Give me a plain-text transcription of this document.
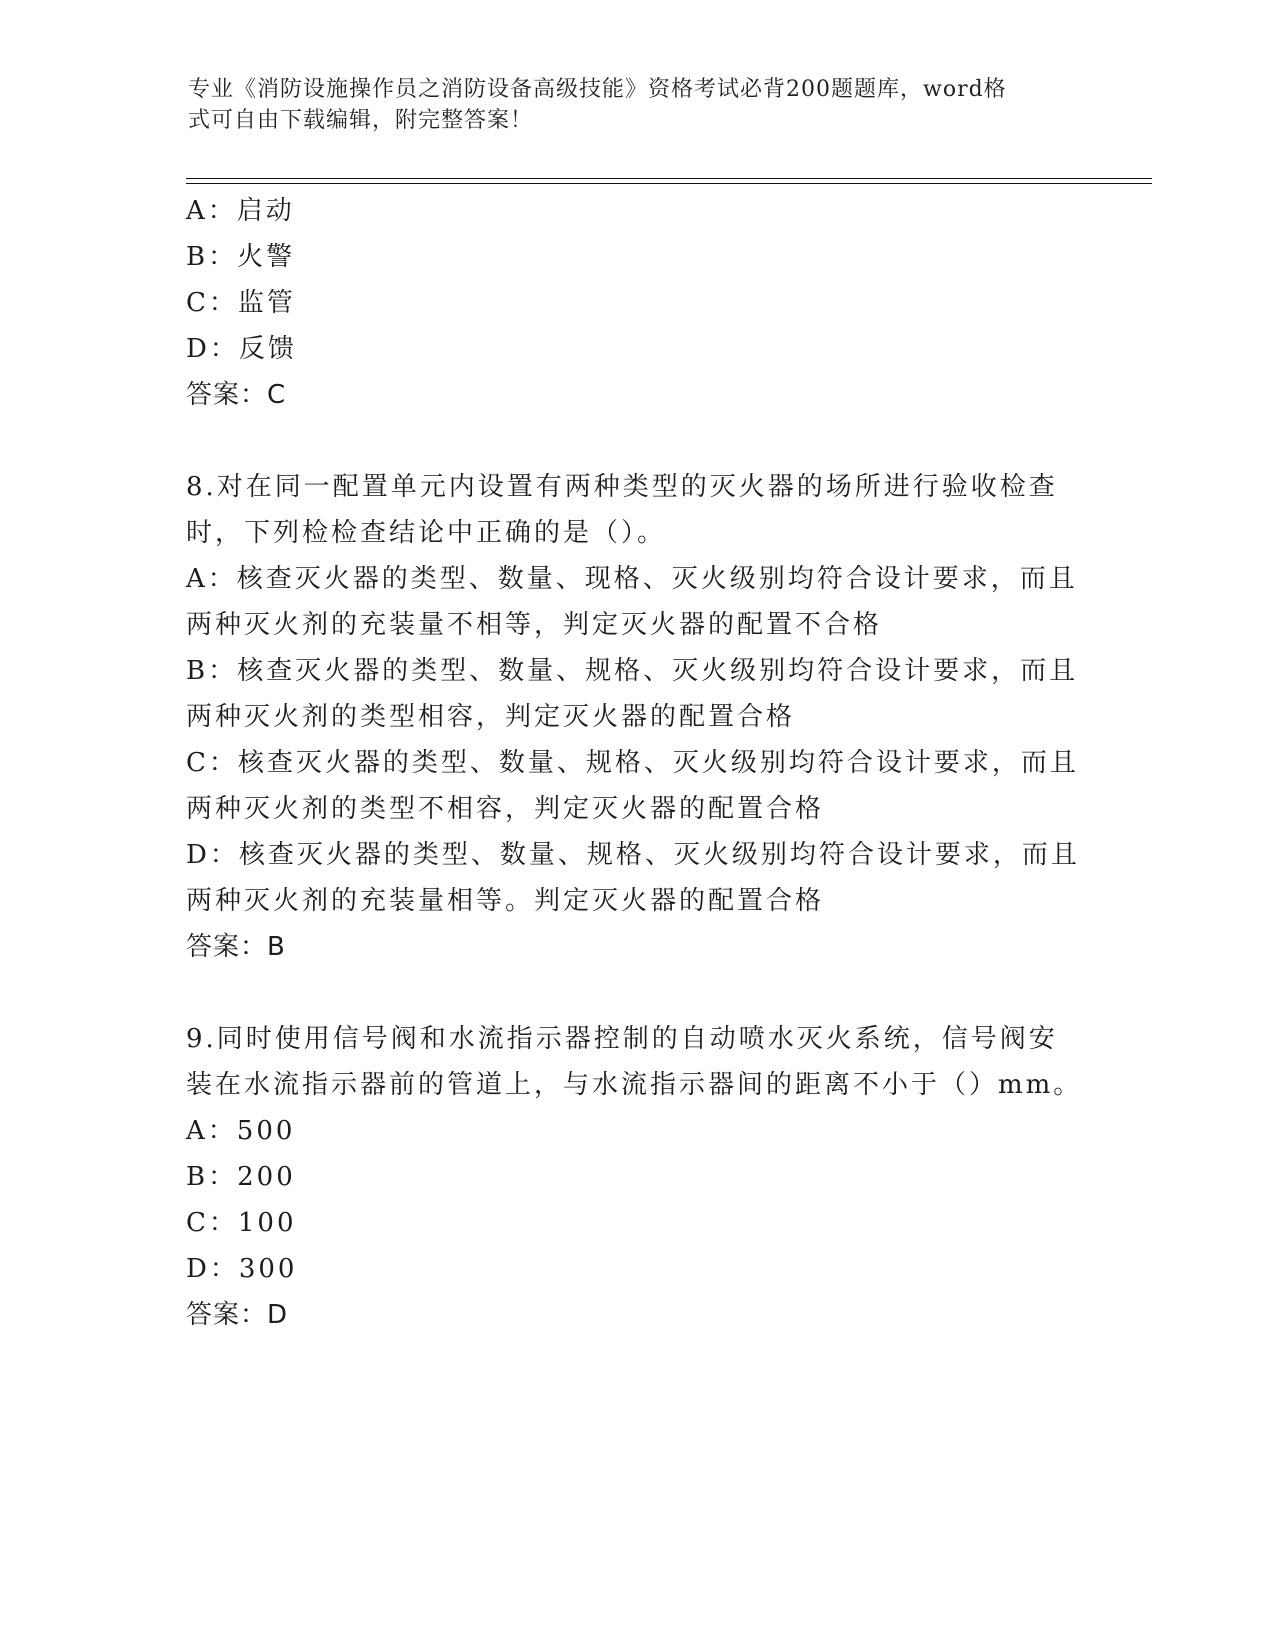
专业《消防设施操作员之消防设备高级技能》资格考试必背200题题库，word格
式可自由下载编辑，附完整答案！
A：启动
B：火警
C：监管
D：反馈
答案：C
8.对在同一配置单元内设置有两种类型的灭火器的场所进行验收检查
时，下列检检查结论中正确的是（）。
A：核查灭火器的类型、数量、现格、灭火级别均符合设计要求，而且
两种灭火剂的充装量不相等，判定灭火器的配置不合格
B：核查灭火器的类型、数量、规格、灭火级别均符合设计要求，而且
两种灭火剂的类型相容，判定灭火器的配置合格
C：核查灭火器的类型、数量、规格、灭火级别均符合设计要求，而且
两种灭火剂的类型不相容，判定灭火器的配置合格
D：核查灭火器的类型、数量、规格、灭火级别均符合设计要求，而且
两种灭火剂的充装量相等。判定灭火器的配置合格
答案：B
9.同时使用信号阀和水流指示器控制的自动喷水灭火系统，信号阀安
装在水流指示器前的管道上，与水流指示器间的距离不小于（）mm。
A：500
B：200
C：100
D：300
答案：D
